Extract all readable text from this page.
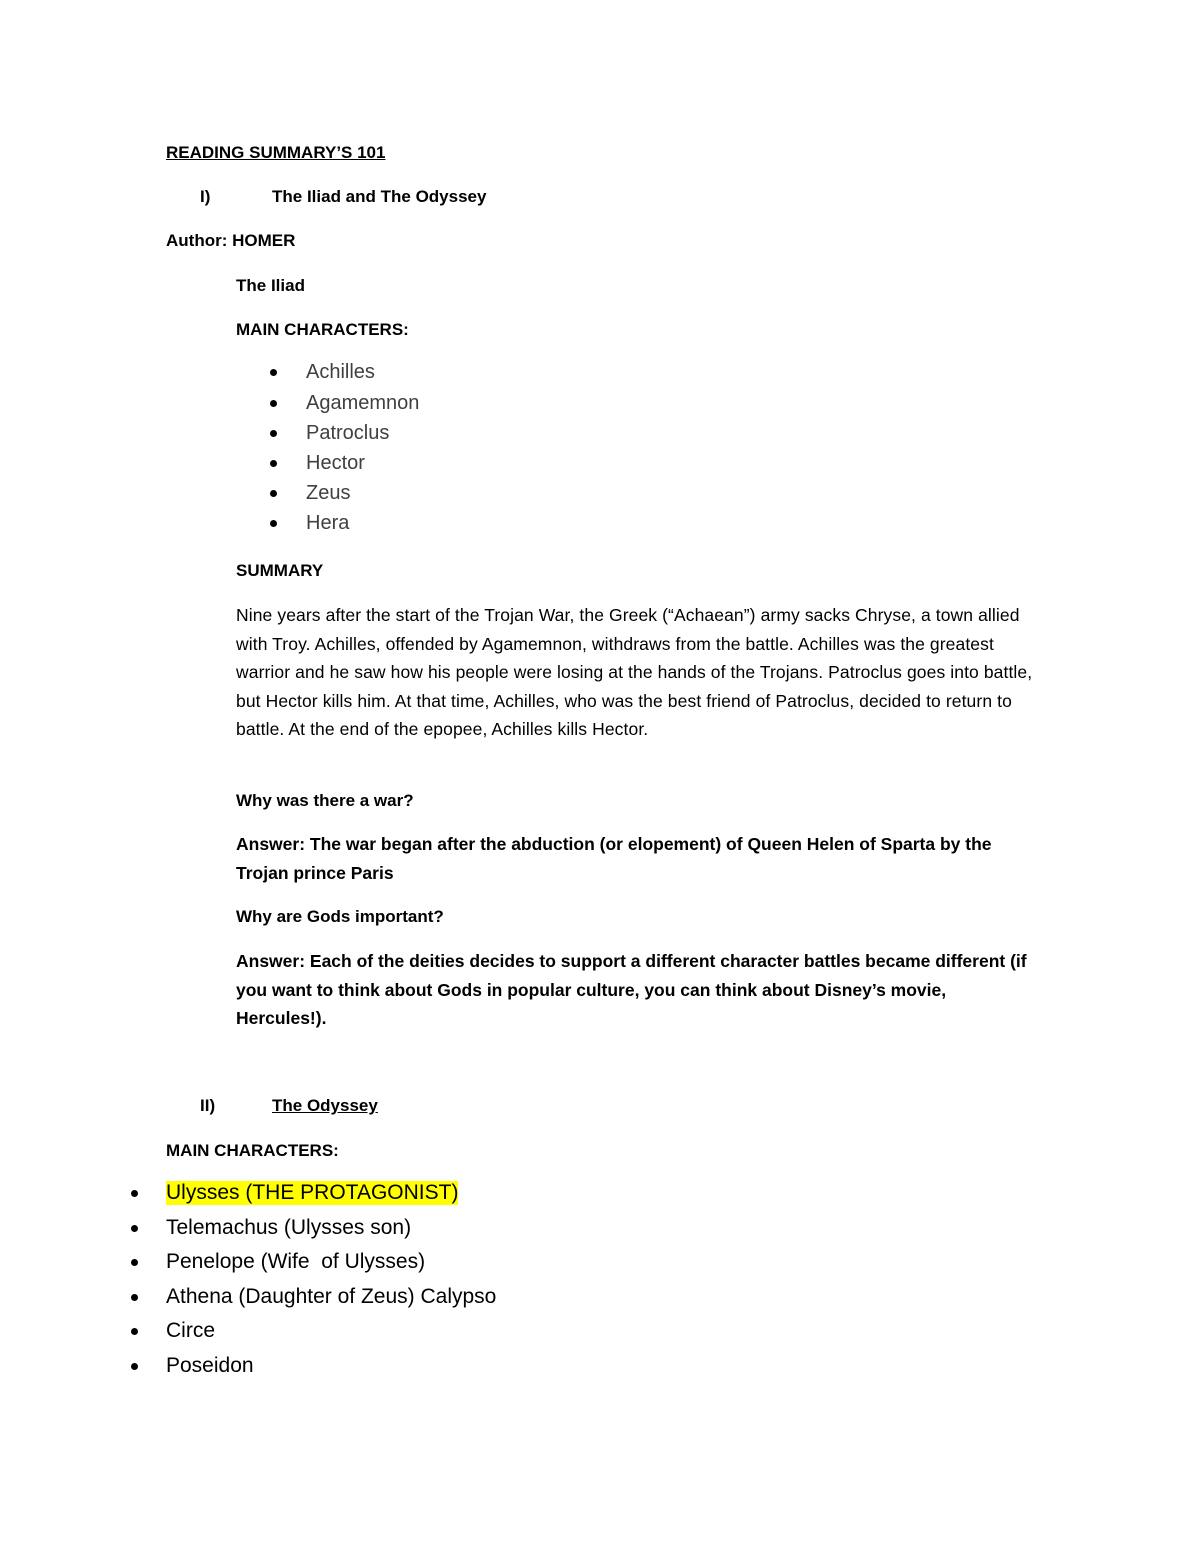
READING SUMMARY’S 101
I)	The Iliad and The Odyssey
Author: HOMER
The Iliad
MAIN CHARACTERS:
Achilles
Agamemnon
Patroclus
Hector
Zeus
Hera
SUMMARY
Nine years after the start of the Trojan War, the Greek (“Achaean”) army sacks Chryse, a town allied with Troy. Achilles, offended by Agamemnon, withdraws from the battle. Achilles was the greatest warrior and he saw how his people were losing at the hands of the Trojans. Patroclus goes into battle, but Hector kills him. At that time, Achilles, who was the best friend of Patroclus, decided to return to battle. At the end of the epopee, Achilles kills Hector.
Why was there a war?
Answer: The war began after the abduction (or elopement) of Queen Helen of Sparta by the Trojan prince Paris
Why are Gods important?
Answer: Each of the deities decides to support a different character battles became different (if you want to think about Gods in popular culture, you can think about Disney’s movie, Hercules!).
II)	The Odyssey
MAIN CHARACTERS:
Ulysses (THE PROTAGONIST)
Telemachus (Ulysses son)
Penelope (Wife  of Ulysses)
Athena (Daughter of Zeus) Calypso
Circe
Poseidon
